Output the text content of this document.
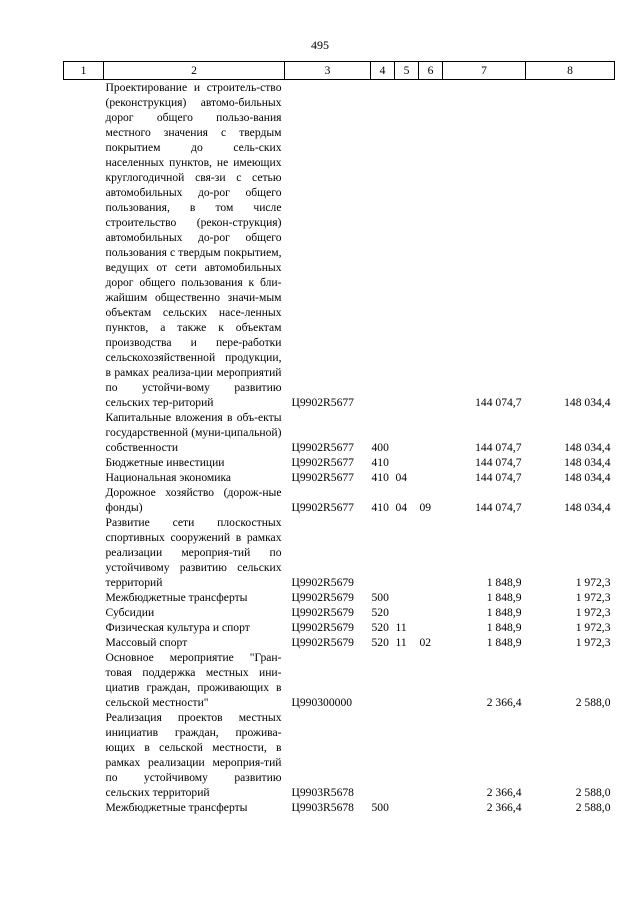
495
1	2	3	4	5	6	7	8
	Проектирование и строитель-ство (реконструкция) автомо-бильных дорог общего пользо-вания местного значения с твердым покрытием до сель-ских населенных пунктов, не имеющих круглогодичной свя-зи с сетью автомобильных до-рог общего пользования, в том числе строительство (рекон-струкция) автомобильных до-рог общего пользования с твердым покрытием, ведущих от сети автомобильных дорог общего пользования к бли-жайшим общественно значи-мым объектам сельских насе-ленных пунктов, а также к объектам производства и пере-работки сельскохозяйственной продукции, в рамках реализа-ции мероприятий по устойчи-вому развитию сельских тер-риторий	Ц9902R5677				144 074,7	148 034,4
	Капитальные вложения в объ-екты государственной (муни-ципальной) собственности	Ц9902R5677	400			144 074,7	148 034,4
	Бюджетные инвестиции	Ц9902R5677	410			144 074,7	148 034,4
	Национальная экономика	Ц9902R5677	410	04		144 074,7	148 034,4
	Дорожное хозяйство (дорож-ные фонды)	Ц9902R5677	410	04	09	144 074,7	148 034,4
	Развитие сети плоскостных спортивных сооружений в рамках реализации мероприя-тий по устойчивому развитию сельских территорий	Ц9902R5679				1 848,9	1 972,3
	Межбюджетные трансферты	Ц9902R5679	500			1 848,9	1 972,3
	Субсидии	Ц9902R5679	520			1 848,9	1 972,3
	Физическая культура и спорт	Ц9902R5679	520	11		1 848,9	1 972,3
	Массовый спорт	Ц9902R5679	520	11	02	1 848,9	1 972,3
	Основное мероприятие "Гран-товая поддержка местных ини-циатив граждан, проживающих в сельской местности"	Ц990300000				2 366,4	2 588,0
	Реализация проектов местных инициатив граждан, прожива-ющих в сельской местности, в рамках реализации мероприя-тий по устойчивому развитию сельских территорий	Ц9903R5678				2 366,4	2 588,0
	Межбюджетные трансферты	Ц9903R5678	500			2 366,4	2 588,0
